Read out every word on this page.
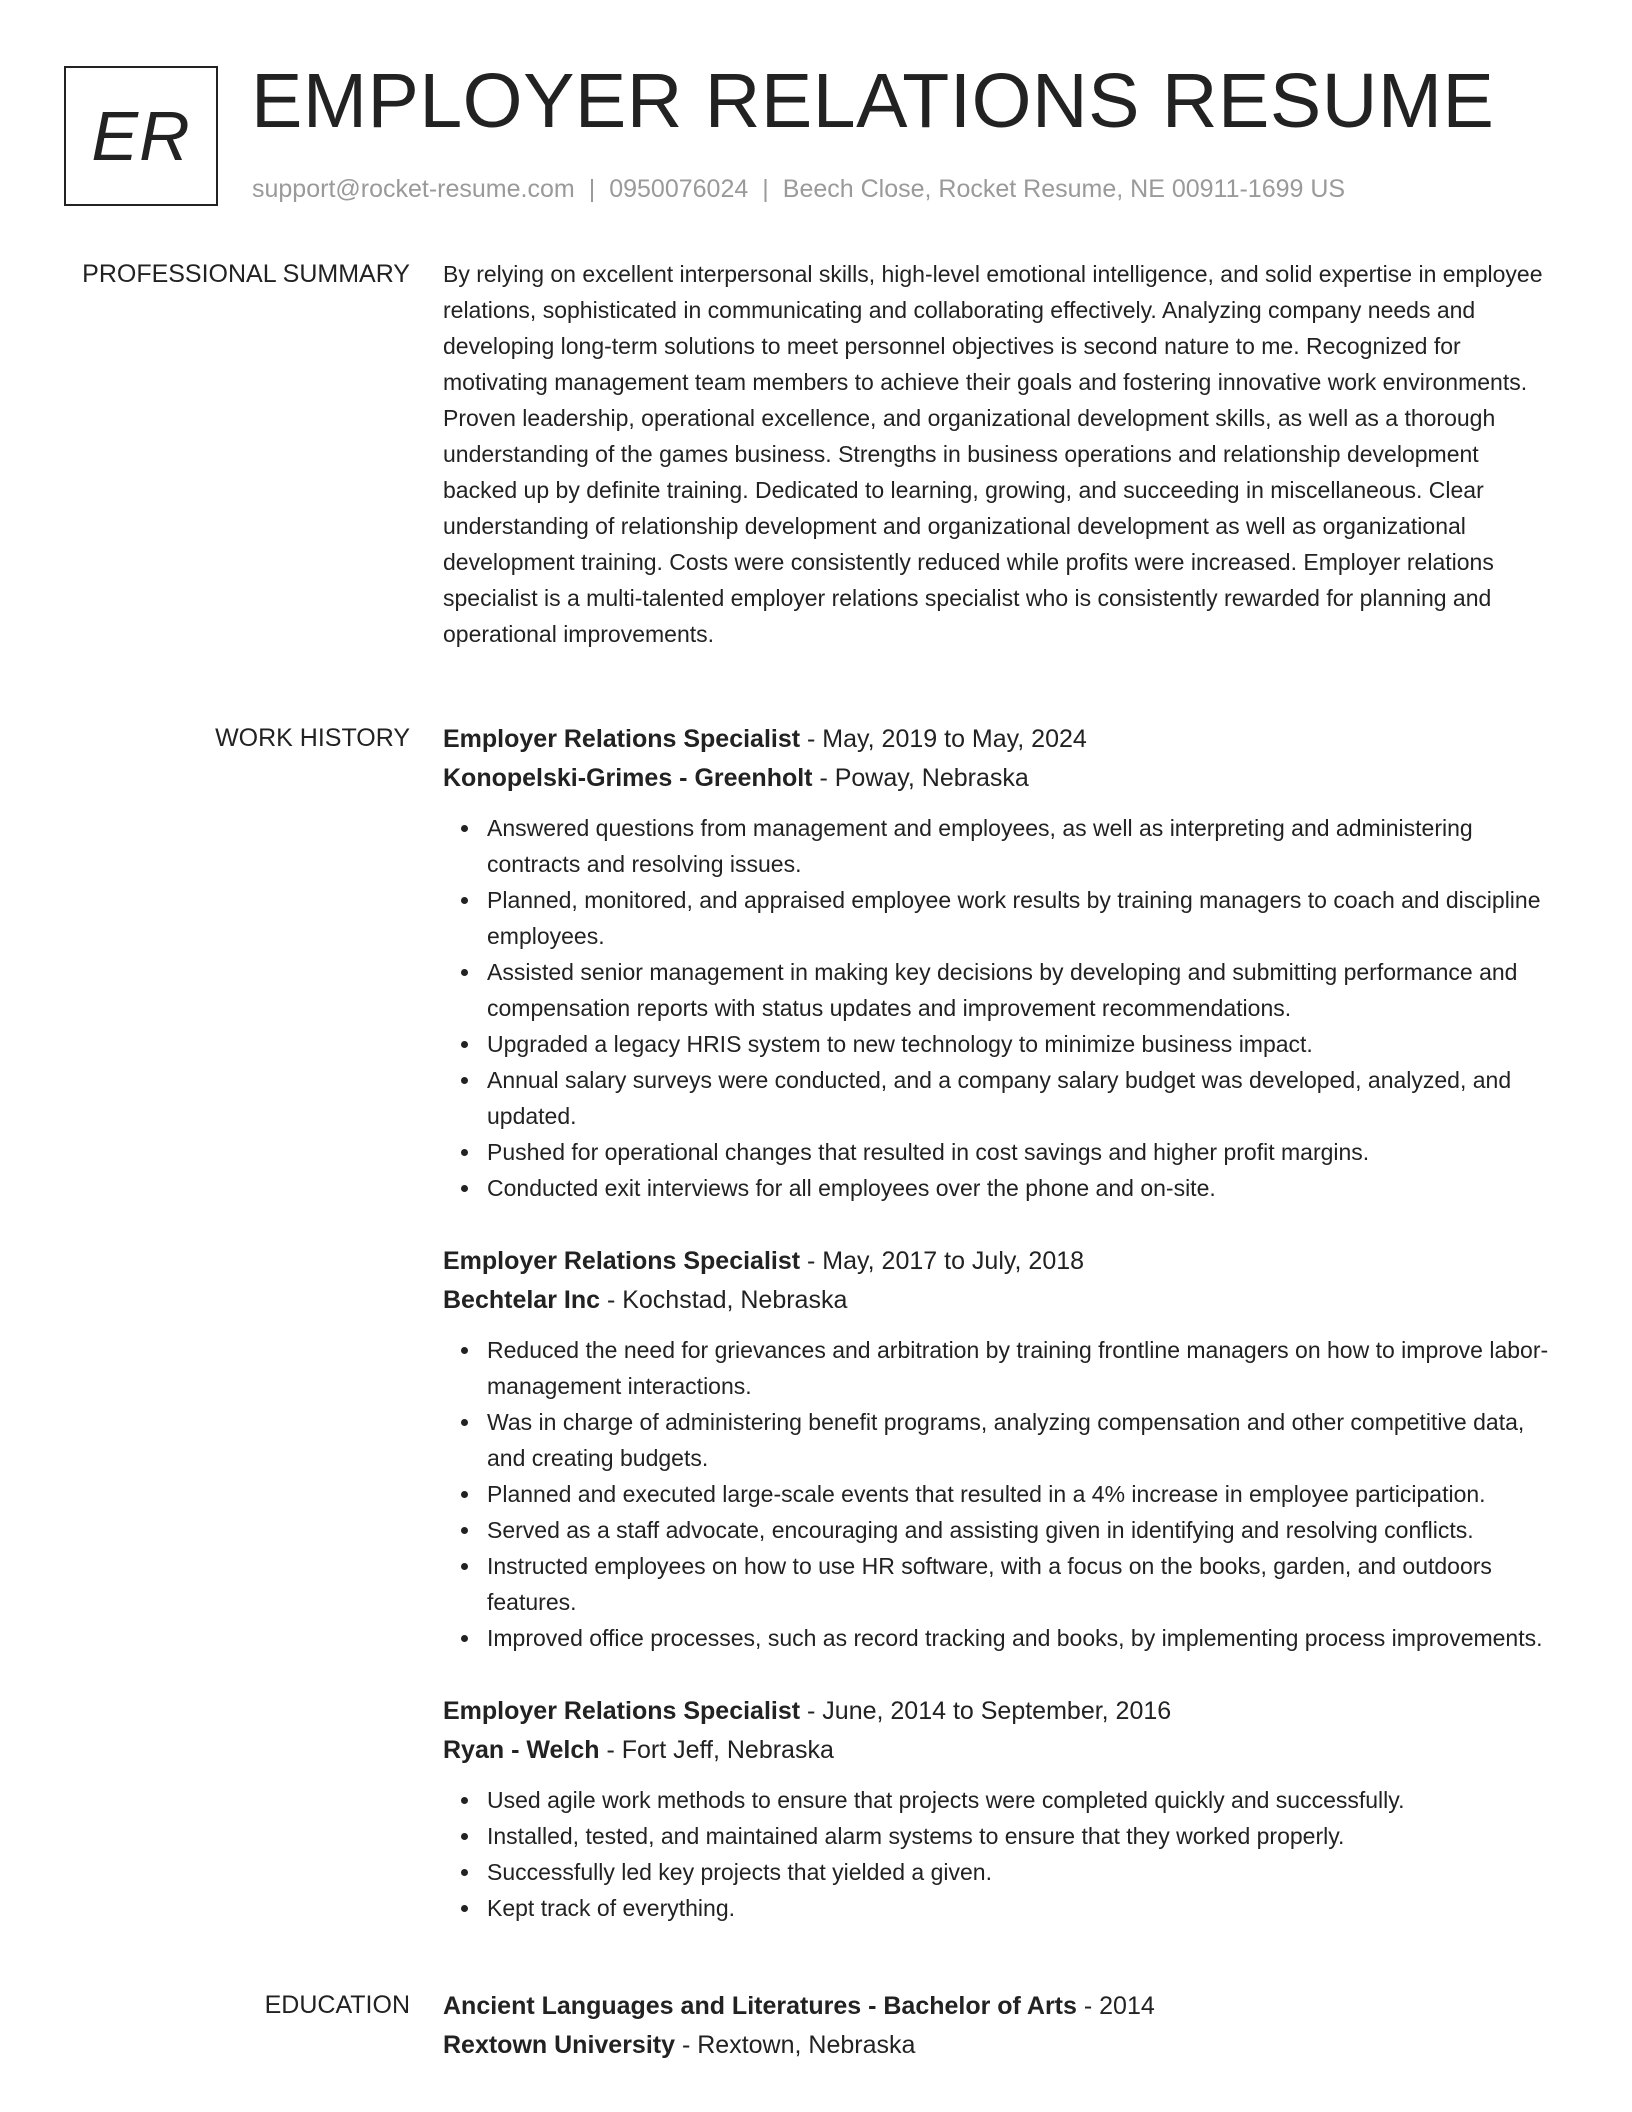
ER EMPLOYER RELATIONS RESUME
support@rocket-resume.com | 0950076024 | Beech Close, Rocket Resume, NE 00911-1699 US
PROFESSIONAL SUMMARY By relying on excellent interpersonal skills, high-level emotional intelligence, and solid expertise in employee relations, sophisticated in communicating and collaborating effectively. Analyzing company needs and developing long-term solutions to meet personnel objectives is second nature to me. Recognized for motivating management team members to achieve their goals and fostering innovative work environments. Proven leadership, operational excellence, and organizational development skills, as well as a thorough understanding of the games business. Strengths in business operations and relationship development backed up by definite training. Dedicated to learning, growing, and succeeding in miscellaneous. Clear understanding of relationship development and organizational development as well as organizational development training. Costs were consistently reduced while profits were increased. Employer relations specialist is a multi-talented employer relations specialist who is consistently rewarded for planning and operational improvements.

WORK HISTORY Employer Relations Specialist - May, 2019 to May, 2024

Konopelski-Grimes - Greenholt - Poway, Nebraska

Answered questions from management and employees, as well as interpreting and administering contracts and resolving issues.
Planned, monitored, and appraised employee work results by training managers to coach and discipline employees.
Assisted senior management in making key decisions by developing and submitting performance and compensation reports with status updates and improvement recommendations.
Upgraded a legacy HRIS system to new technology to minimize business impact.
Annual salary surveys were conducted, and a company salary budget was developed, analyzed, and updated.
Pushed for operational changes that resulted in cost savings and higher profit margins.
Conducted exit interviews for all employees over the phone and on-site.

Employer Relations Specialist - May, 2017 to July, 2018

Bechtelar Inc - Kochstad, Nebraska

Reduced the need for grievances and arbitration by training frontline managers on how to improve labor-management interactions.
Was in charge of administering benefit programs, analyzing compensation and other competitive data, and creating budgets.
Planned and executed large-scale events that resulted in a 4% increase in employee participation.
Served as a staff advocate, encouraging and assisting given in identifying and resolving conflicts.
Instructed employees on how to use HR software, with a focus on the books, garden, and outdoors features.
Improved office processes, such as record tracking and books, by implementing process improvements.

Employer Relations Specialist - June, 2014 to September, 2016

Ryan - Welch - Fort Jeff, Nebraska

Used agile work methods to ensure that projects were completed quickly and successfully.
Installed, tested, and maintained alarm systems to ensure that they worked properly.
Successfully led key projects that yielded a given.
Kept track of everything.
EDUCATION Ancient Languages and Literatures - Bachelor of Arts - 2014

Rextown University - Rextown, Nebraska
